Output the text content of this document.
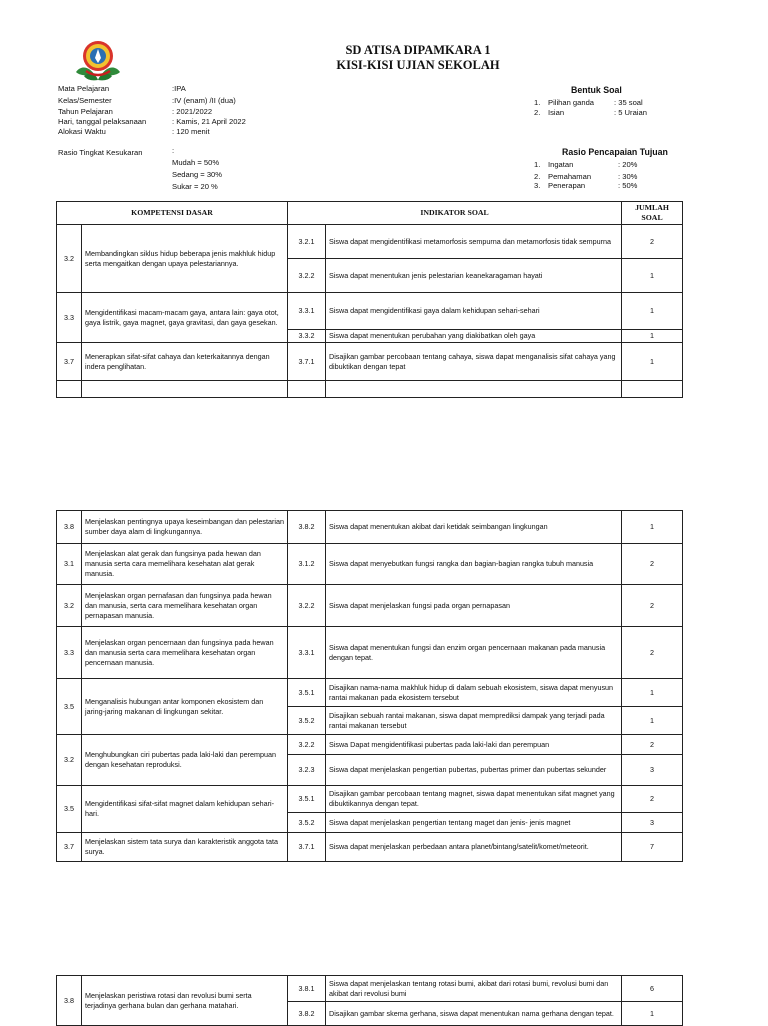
SD ATISA DIPAMKARA 1
KISI-KISI UJIAN SEKOLAH
Mata Pelajaran	:IPA
Kelas/Semester	:IV (enam) /II (dua)
Tahun Pelajaran	: 2021/2022
Hari, tanggal pelaksanaan	: Kamis, 21 April 2022
Alokasi Waktu	: 120 menit
Rasio Tingkat Kesukaran	:
Mudah = 50%
Sedang = 30%
Sukar = 20 %
Bentuk Soal
1. Pilihan ganda	: 35 soal
2. Isian	: 5 Uraian
Rasio Pencapaian Tujuan
1. Ingatan	: 20%
2. Pemahaman	: 30%
3. Penerapan	: 50%
KOMPETENSI DASAR		INDIKATOR SOAL		JUMLAH SOAL
3.2	Membandingkan siklus hidup beberapa jenis makhluk hidup serta mengaitkan dengan upaya pelestariannya.	3.2.1	Siswa dapat mengidentifikasi metamorfosis sempurna dan metamorfosis tidak sempurna	2
		3.2.2	Siswa dapat menentukan jenis pelestarian keanekaragaman hayati	1
3.3	Mengidentifikasi macam-macam gaya, antara lain: gaya otot, gaya listrik, gaya magnet, gaya gravitasi, dan gaya gesekan.	3.3.1	Siswa dapat mengidentifikasi gaya dalam kehidupan sehari-sehari	1
		3.3.2	Siswa dapat menentukan perubahan yang diakibatkan oleh gaya	1
3.7	Menerapkan sifat-sifat cahaya dan keterkaitannya dengan indera penglihatan.	3.7.1	Disajikan gambar percobaan tentang cahaya, siswa dapat menganalisis sifat cahaya yang dibuktikan dengan tepat	1

3.8	Menjelaskan pentingnya upaya keseimbangan dan pelestarian sumber daya alam di lingkungannya.	3.8.2	Siswa dapat menentukan akibat dari ketidak seimbangan lingkungan	1
3.1	Menjelaskan alat gerak dan fungsinya pada hewan dan manusia serta cara memelihara kesehatan alat gerak manusia.	3.1.2	Siswa dapat menyebutkan fungsi rangka dan bagian-bagian rangka tubuh manusia	2
3.2	Menjelaskan organ pernafasan dan fungsinya pada hewan dan manusia, serta cara memelihara kesehatan organ pernapasan manusia.	3.2.2	Siswa dapat menjelaskan fungsi pada organ pernapasan	2
3.3	Menjelaskan organ pencernaan dan fungsinya pada hewan dan manusia serta cara memelihara kesehatan organ pencernaan manusia.	3.3.1	Siswa dapat menentukan fungsi dan enzim organ pencernaan makanan pada manusia dengan tepat.	2
3.5	Menganalisis hubungan antar komponen ekosistem dan jaring-jaring makanan di lingkungan sekitar.	3.5.1	Disajikan nama-nama makhluk hidup di dalam sebuah ekosistem, siswa dapat menyusun rantai makanan pada ekosistem tersebut	1
		3.5.2	Disajikan sebuah rantai makanan, siswa dapat memprediksi dampak yang terjadi pada rantai makanan tersebut	1
3.2	Menghubungkan ciri pubertas pada laki-laki dan perempuan dengan kesehatan reproduksi.	3.2.2	Siswa Dapat mengidentifikasi pubertas pada laki-laki dan perempuan	2
		3.2.3	Siswa dapat menjelaskan pengertian pubertas, pubertas primer dan pubertas sekunder	3
3.5	Mengidentifikasi sifat-sifat magnet dalam kehidupan sehari-hari.	3.5.1	Disajikan gambar percobaan tentang magnet, siswa dapat menentukan sifat magnet yang dibuktikannya dengan tepat.	2
		3.5.2	Siswa dapat menjelaskan pengertian tentang maget dan jenis- jenis magnet	3
3.7	Menjelaskan sistem tata surya dan karakteristik anggota tata surya.	3.7.1	Siswa dapat menjelaskan perbedaan antara planet/bintang/satelit/komet/meteorit.	7
3.8	Menjelaskan peristiwa rotasi dan revolusi bumi serta terjadinya gerhana bulan dan gerhana matahari.	3.8.1	Siswa dapat menjelaskan tentang rotasi bumi, akibat dari rotasi bumi, revolusi bumi dan akibat dari revolusi bumi	6
		3.8.2	Disajikan gambar skema gerhana, siswa dapat menentukan nama gerhana dengan tepat.	1
